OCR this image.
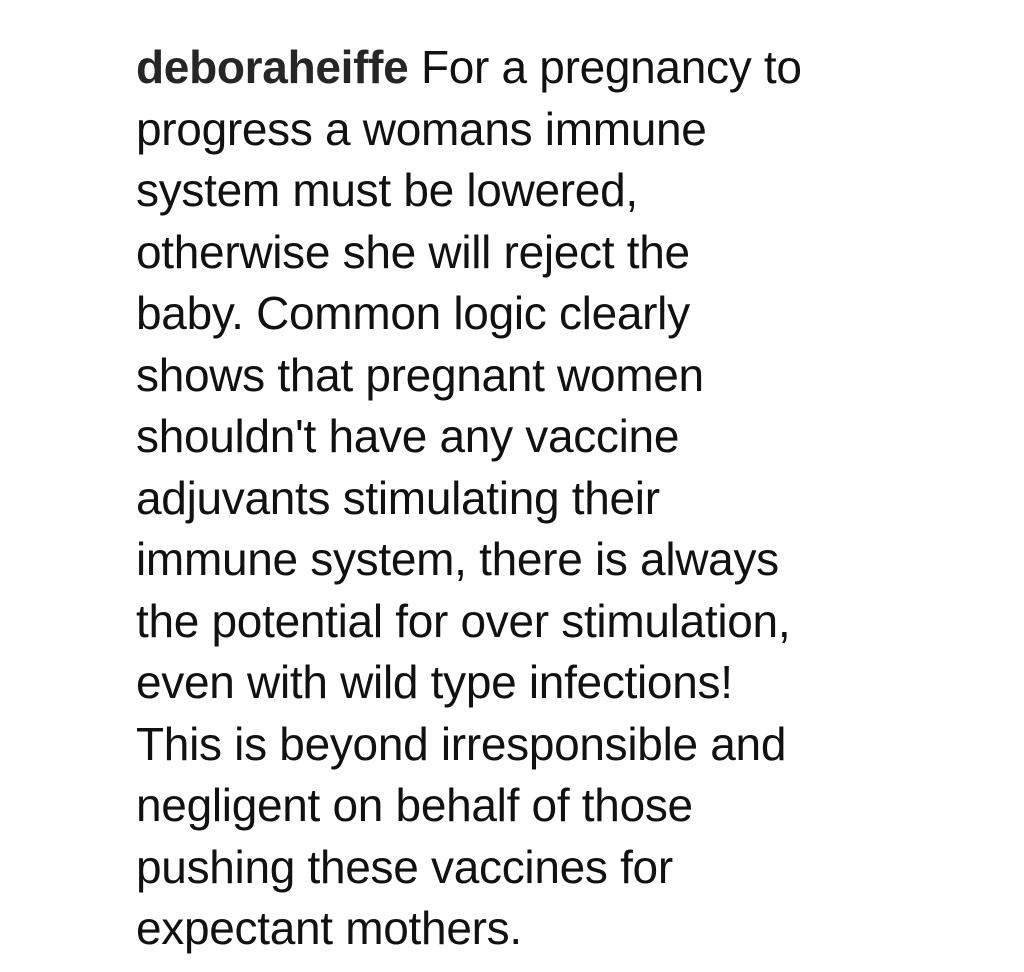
deboraheiffe For a pregnancy to
progress a womans immune
system must be lowered,
otherwise she will reject the
baby. Common logic clearly
shows that pregnant women
shouldn't have any vaccine
adjuvants stimulating their
immune system, there is always
the potential for over stimulation,
even with wild type infections!
This is beyond irresponsible and
negligent on behalf of those
pushing these vaccines for
expectant mothers.
